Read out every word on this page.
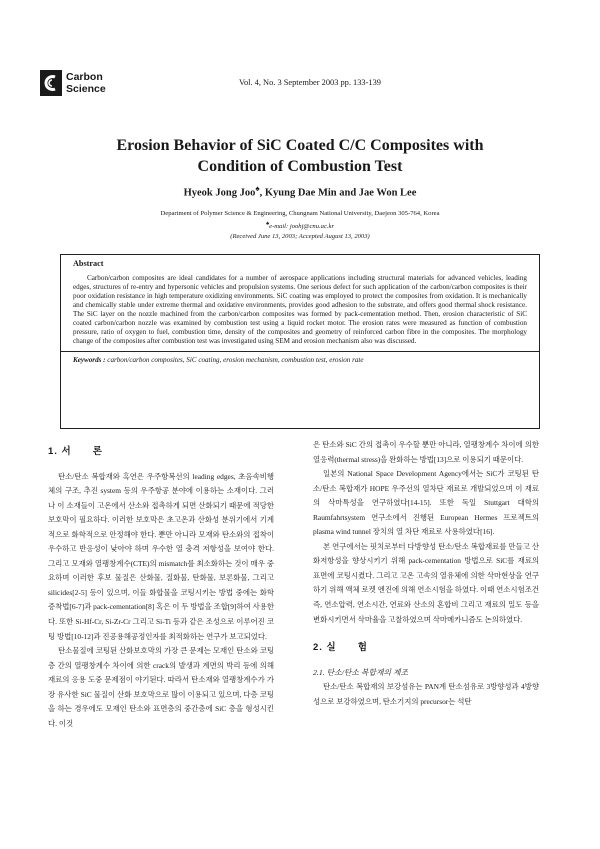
Carbon
Science
Vol. 4, No. 3 September 2003 pp. 133-139
Erosion Behavior of SiC Coated C/C Composites with
Condition of Combustion Test
Hyeok Jong Joo♠, Kyung Dae Min and Jae Won Lee
Department of Polymer Science & Engineering, Chungnam National University, Daejeon 305-764, Korea
♠e-mail: joohj@cnu.ac.kr
(Received June 13, 2003; Accepted August 13, 2003)
Abstract

Carbon/carbon composites are ideal candidates for a number of aerospace applications including structural materials for advanced vehicles, leading edges, structures of re-entry and hypersonic vehicles and propulsion systems. One serious defect for such application of the carbon/carbon composites is their poor oxidation resistance in high temperature oxidizing environments. SiC coating was employed to protect the composites from oxidation. It is mechanically and chemically stable under extreme thermal and oxidative environments, provides good adhesion to the substrate, and offers good thermal shock resistance. The SiC layer on the nozzle machined from the carbon/carbon composites was formed by pack-cementation method. Then, erosion characteristic of SiC coated carbon/carbon nozzle was examined by combustion test using a liquid rocket motor. The erosion rates were measured as function of combustion pressure, ratio of oxygen to fuel, combustion time, density of the composites and geometry of reinforced carbon fibre in the composites. The morphology change of the composites after combustion test was investigated using SEM and erosion mechanism also was discussed.

Keywords : carbon/carbon composites, SiC coating, erosion mechanism, combustion test, erosion rate
1. 서　　론

탄소/탄소 복합재와 흑연은 우주항복선의 leading edges, 초음속비행체의 구조, 추진 system 등의 우주항공 분야에 이용하는 소재이다. 그러나 이 소재들이 고온에서 산소와 접촉하게 되면 산화되기 때문에 적당한 보호막이 필요하다. 이러한 보호막은 초고온과 산화성 분위기에서 기계적으로 화학적으로 안정해야 한다. 뿐만 아니라 모재와 탄소와의 접착이 우수하고 반응성이 낮아야 하며 우수한 열 충격 저항성을 보여야 한다. 그리고 모재와 열팽창계수(CTE)의 mismatch를 최소화하는 것이 매우 중요하며 이러한 후보 물질은 산화물, 질화물, 탄화물, 보론화물, 그리고 silicides[2-5] 등이 있으며, 이들 화합물을 코팅시키는 방법 중에는 화학증착법[6-7]과 pack-cementation[8] 혹은 이 두 방법을 조합[9]하여 사용한다. 또한 Si-Hf-Cr, Si-Zr-Cr 그리고 Si-Ti 등과 같은 조성으로 이루어진 코팅 방법[10-12]과 진공용해공정인자를 최적화하는 연구가 보고되었다.

탄소물질에 코팅된 산화보호막의 가장 큰 문제는 모재인 탄소와 코팅층 간의 열팽창계수 차이에 의한 crack의 발생과 계면의 박리 등에 의해 재료의 응용 도중 문제점이 야기된다. 따라서 탄소재와 열팽창계수가 가장 유사한 SiC 물질이 산화 보호막으로 많이 이용되고 있으며, 다층 코팅을 하는 경우에도 모재인 탄소와 표면층의 중간층에 SiC 층을 형성시킨다. 이것

은 탄소와 SiC 간의 접촉이 우수할 뿐만 아니라, 열팽창계수 차이에 의한 열응력(thermal stress)을 완화하는 방법[13]으로 이용되기 때문이다.

일본의 National Space Development Agency에서는 SiC가 코팅된 탄소/탄소 복합재가 HOPE 우주선의 열차단 재료로 개발되었으며 이 재료의 삭마특성을 연구하였다[14-15]. 또한 독일 Stuttgart 대학의 Raumfahrtsystem 연구소에서 진행된 European Hermes 프로젝트의 plasma wind tunnel 장치의 열 차단 재료로 사용하였다[16].

본 연구에서는 핏치로부터 다방향성 탄소/탄소 복합재료를 만들고 산화저항성을 향상시키기 위해 pack-cementation 방법으로 SiC를 재료의 표면에 코팅시켰다. 그리고 고온 고속의 열유체에 의한 삭마현상을 연구하기 위해 액체 로켓 엔진에 의해 연소시험을 하였다. 이때 연소시험조건 즉, 연소압력, 연소시간, 연료와 산소의 혼합비 그리고 재료의 밀도 등을 변화시키면서 삭마율을 고찰하였으며 삭마메카니즘도 논의하였다.

2. 실　　험
2.1. 탄소/탄소 복합재의 제조

탄소/탄소 복합재의 보강섬유는 PAN계 탄소섬유로 3방향성과 4방향성으로 보강하였으며, 탄소기지의 precursor는 석탄
